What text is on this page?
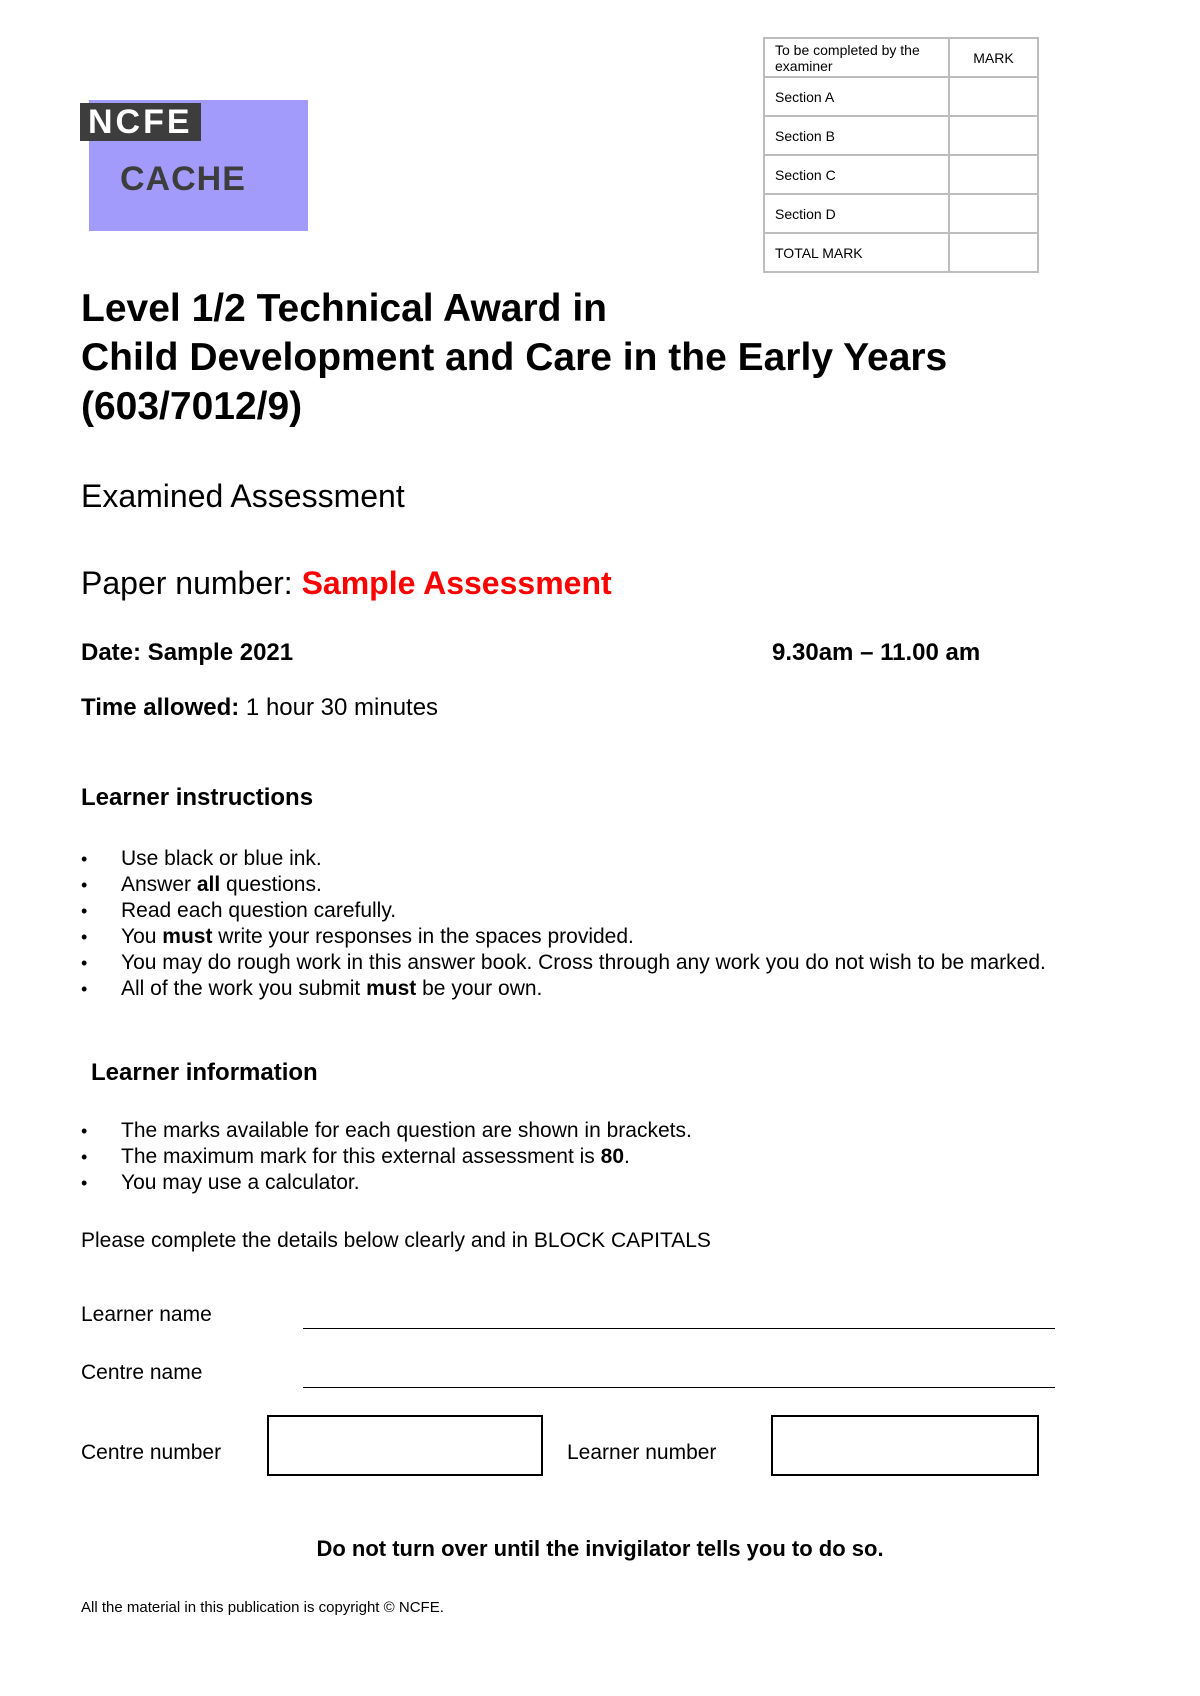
NCFE
CACHE
To be completed by the examiner	MARK
Section A	
Section B	
Section C	
Section D	
TOTAL MARK	
Level 1/2 Technical Award in
Child Development and Care in the Early Years
(603/7012/9)
Examined Assessment
Paper number: Sample Assessment
Date: Sample 2021	9.30am – 11.00 am
Time allowed: 1 hour 30 minutes
Learner instructions
• Use black or blue ink.
• Answer all questions.
• Read each question carefully.
• You must write your responses in the spaces provided.
• You may do rough work in this answer book. Cross through any work you do not wish to be marked.
• All of the work you submit must be your own.
Learner information
• The marks available for each question are shown in brackets.
• The maximum mark for this external assessment is 80.
• You may use a calculator.
Please complete the details below clearly and in BLOCK CAPITALS
Learner name
Centre name
Centre number	Learner number
Do not turn over until the invigilator tells you to do so.
All the material in this publication is copyright © NCFE.
